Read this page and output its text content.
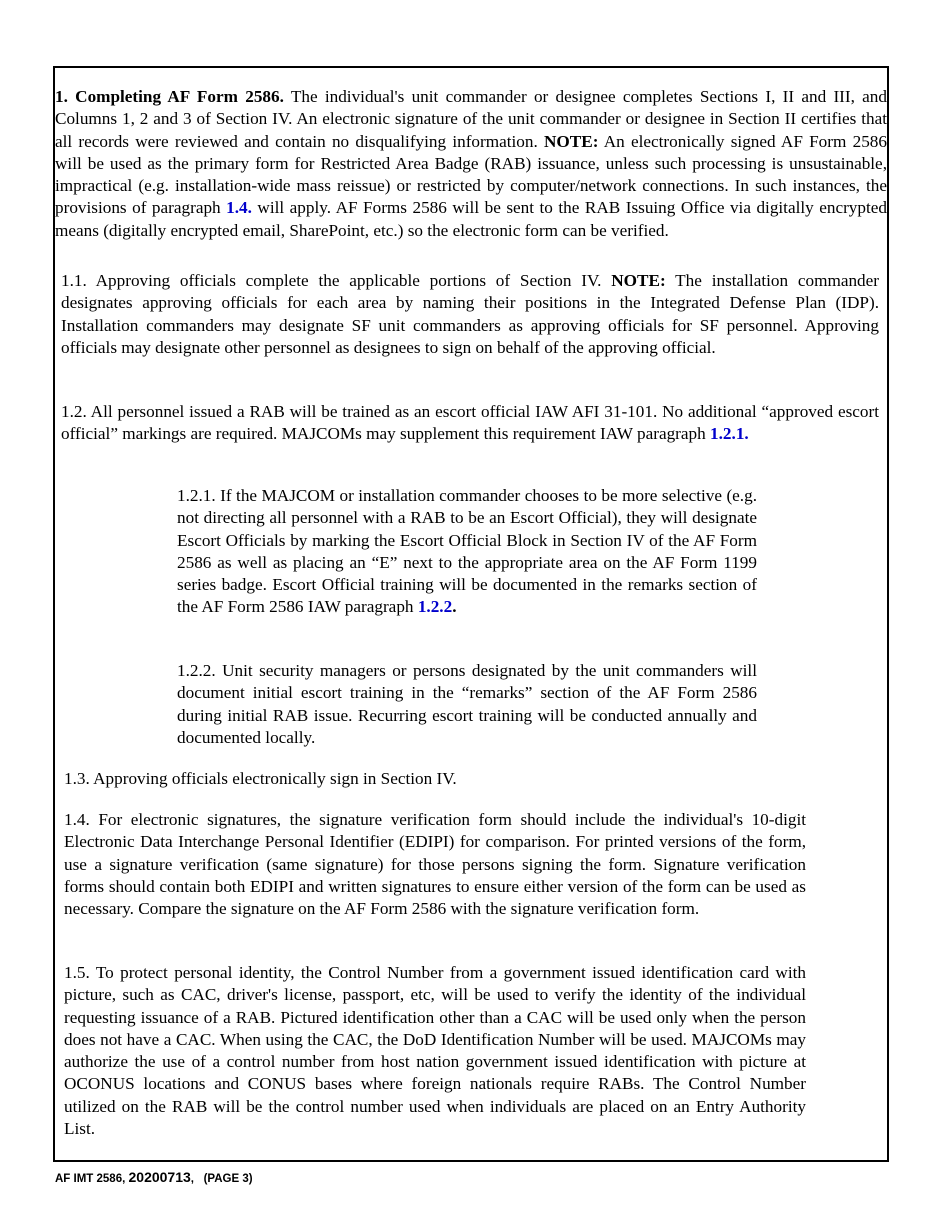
1. Completing AF Form 2586. The individual's unit commander or designee completes Sections I, II and III, and Columns 1, 2 and 3 of Section IV. An electronic signature of the unit commander or designee in Section II certifies that all records were reviewed and contain no disqualifying information. NOTE: An electronically signed AF Form 2586 will be used as the primary form for Restricted Area Badge (RAB) issuance, unless such processing is unsustainable, impractical (e.g. installation-wide mass reissue) or restricted by computer/network connections. In such instances, the provisions of paragraph 1.4. will apply. AF Forms 2586 will be sent to the RAB Issuing Office via digitally encrypted means (digitally encrypted email, SharePoint, etc.) so the electronic form can be verified.

1.1. Approving officials complete the applicable portions of Section IV. NOTE: The installation commander designates approving officials for each area by naming their positions in the Integrated Defense Plan (IDP). Installation commanders may designate SF unit commanders as approving officials for SF personnel. Approving officials may designate other personnel as designees to sign on behalf of the approving official.

1.2. All personnel issued a RAB will be trained as an escort official IAW AFI 31-101. No additional “approved escort official” markings are required. MAJCOMs may supplement this requirement IAW paragraph 1.2.1.

1.2.1. If the MAJCOM or installation commander chooses to be more selective (e.g. not directing all personnel with a RAB to be an Escort Official), they will designate Escort Officials by marking the Escort Official Block in Section IV of the AF Form 2586 as well as placing an “E” next to the appropriate area on the AF Form 1199 series badge. Escort Official training will be documented in the remarks section of the AF Form 2586 IAW paragraph 1.2.2.

1.2.2. Unit security managers or persons designated by the unit commanders will document initial escort training in the “remarks” section of the AF Form 2586 during initial RAB issue. Recurring escort training will be conducted annually and documented locally.

1.3. Approving officials electronically sign in Section IV.

1.4. For electronic signatures, the signature verification form should include the individual's 10-digit Electronic Data Interchange Personal Identifier (EDIPI) for comparison. For printed versions of the form, use a signature verification (same signature) for those persons signing the form. Signature verification forms should contain both EDIPI and written signatures to ensure either version of the form can be used as necessary. Compare the signature on the AF Form 2586 with the signature verification form.

1.5. To protect personal identity, the Control Number from a government issued identification card with picture, such as CAC, driver's license, passport, etc, will be used to verify the identity of the individual requesting issuance of a RAB. Pictured identification other than a CAC will be used only when the person does not have a CAC. When using the CAC, the DoD Identification Number will be used. MAJCOMs may authorize the use of a control number from host nation government issued identification with picture at OCONUS locations and CONUS bases where foreign nationals require RABs. The Control Number utilized on the RAB will be the control number used when individuals are placed on an Entry Authority List.

AF IMT 2586, 20200713,   (PAGE 3)
